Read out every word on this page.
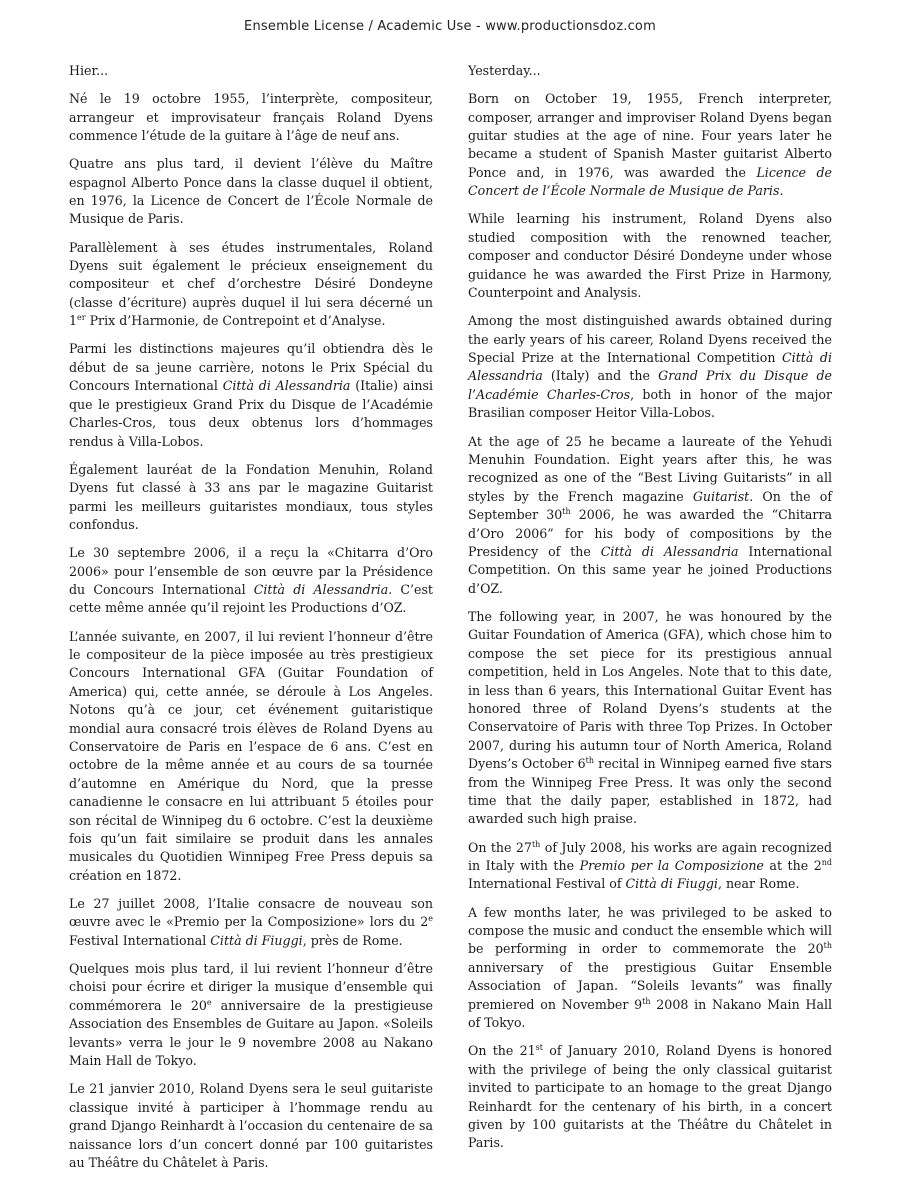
Ensemble License / Academic Use - www.productionsdoz.com

Hier...

Né le 19 octobre 1955, l’interprète, compositeur, arrangeur et improvisateur français Roland Dyens commence l’étude de la guitare à l’âge de neuf ans.

Quatre ans plus tard, il devient l’élève du Maître espagnol Alberto Ponce dans la classe duquel il obtient, en 1976, la Licence de Concert de l’École Normale de Musique de Paris.

Parallèlement à ses études instrumentales, Roland Dyens suit également le précieux enseignement du compositeur et chef d’orchestre Désiré Dondeyne (classe d’écriture) auprès duquel il lui sera décerné un 1er Prix d’Harmonie, de Contrepoint et d’Analyse.

Parmi les distinctions majeures qu’il obtiendra dès le début de sa jeune carrière, notons le Prix Spécial du Concours International Città di Alessandria (Italie) ainsi que le prestigieux Grand Prix du Disque de l’Académie Charles-Cros, tous deux obtenus lors d’hommages rendus à Villa-Lobos.

Également lauréat de la Fondation Menuhin, Roland Dyens fut classé à 33 ans par le magazine Guitarist parmi les meilleurs guitaristes mondiaux, tous styles confondus.

Le 30 septembre 2006, il a reçu la «Chitarra d’Oro 2006» pour l’ensemble de son œuvre par la Présidence du Concours International Città di Alessandria. C’est cette même année qu’il rejoint les Productions d’OZ.

L’année suivante, en 2007, il lui revient l’honneur d’être le compositeur de la pièce imposée au très prestigieux Concours International GFA (Guitar Foundation of America) qui, cette année, se déroule à Los Angeles. Notons qu’à ce jour, cet événement guitaristique mondial aura consacré trois élèves de Roland Dyens au Conservatoire de Paris en l’espace de 6 ans. C’est en octobre de la même année et au cours de sa tournée d’automne en Amérique du Nord, que la presse canadienne le consacre en lui attribuant 5 étoiles pour son récital de Winnipeg du 6 octobre. C’est la deuxième fois qu’un fait similaire se produit dans les annales musicales du Quotidien Winnipeg Free Press depuis sa création en 1872.

Le 27 juillet 2008, l’Italie consacre de nouveau son œuvre avec le «Premio per la Composizione» lors du 2e Festival International Città di Fiuggi, près de Rome.

Quelques mois plus tard, il lui revient l’honneur d’être choisi pour écrire et diriger la musique d’ensemble qui commémorera le 20e anniversaire de la prestigieuse Association des Ensembles de Guitare au Japon. «Soleils levants» verra le jour le 9 novembre 2008 au Nakano Main Hall de Tokyo.

Le 21 janvier 2010, Roland Dyens sera le seul guitariste classique invité à participer à l’hommage rendu au grand Django Reinhardt à l’occasion du centenaire de sa naissance lors d’un concert donné par 100 guitaristes au Théâtre du Châtelet à Paris.

Yesterday...

Born on October 19, 1955, French interpreter, composer, arranger and improviser Roland Dyens began guitar studies at the age of nine. Four years later he became a student of Spanish Master guitarist Alberto Ponce and, in 1976, was awarded the Licence de Concert de l’École Normale de Musique de Paris.

While learning his instrument, Roland Dyens also studied composition with the renowned teacher, composer and conductor Désiré Dondeyne under whose guidance he was awarded the First Prize in Harmony, Counterpoint and Analysis.

Among the most distinguished awards obtained during the early years of his career, Roland Dyens received the Special Prize at the International Competition Città di Alessandria (Italy) and the Grand Prix du Disque de l’Académie Charles-Cros, both in honor of the major Brasilian composer Heitor Villa-Lobos.

At the age of 25 he became a laureate of the Yehudi Menuhin Foundation. Eight years after this, he was recognized as one of the “Best Living Guitarists” in all styles by the French magazine Guitarist. On the of September 30th 2006, he was awarded the “Chitarra d’Oro 2006” for his body of compositions by the Presidency of the Città di Alessandria International Competition. On this same year he joined Productions d’OZ.

The following year, in 2007, he was honoured by the Guitar Foundation of America (GFA), which chose him to compose the set piece for its prestigious annual competition, held in Los Angeles. Note that to this date, in less than 6 years, this International Guitar Event has honored three of Roland Dyens’s students at the Conservatoire of Paris with three Top Prizes. In October 2007, during his autumn tour of North America, Roland Dyens’s October 6th recital in Winnipeg earned five stars from the Winnipeg Free Press. It was only the second time that the daily paper, established in 1872, had awarded such high praise.

On the 27th of July 2008, his works are again recognized in Italy with the Premio per la Composizione at the 2nd International Festival of Città di Fiuggi, near Rome.

A few months later, he was privileged to be asked to compose the music and conduct the ensemble which will be performing in order to commemorate the 20th anniversary of the prestigious Guitar Ensemble Association of Japan. “Soleils levants” was finally premiered on November 9th 2008 in Nakano Main Hall of Tokyo.

On the 21st of January 2010, Roland Dyens is honored with the privilege of being the only classical guitarist invited to participate to an homage to the great Django Reinhardt for the centenary of his birth, in a concert given by 100 guitarists at the Théâtre du Châtelet in Paris.
